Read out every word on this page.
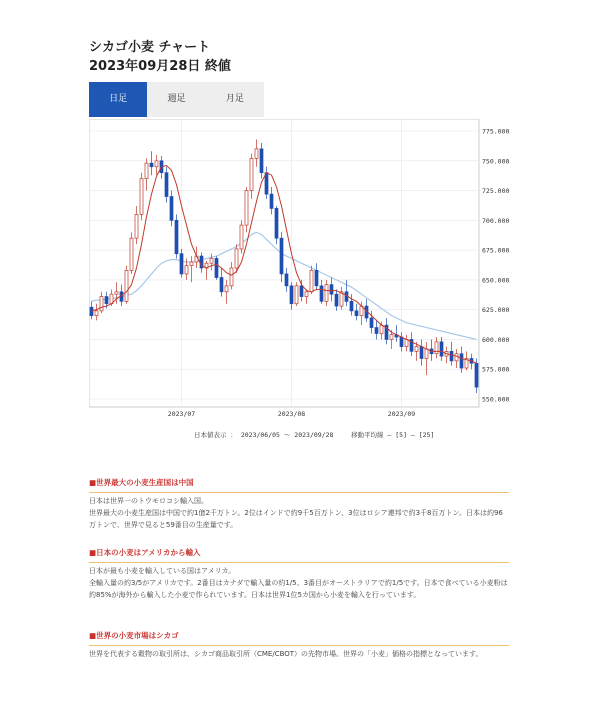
シカゴ小麦 チャート
2023年09月28日 終値
日足	週足	月足
775.000
750.000
725.000
700.000
675.000
650.000
625.000
600.000
575.000
550.000
2023/07	2023/08	2023/09
日本値表示 ： 2023/06/05 ～ 2023/09/28	移動平均線 ― [5] ― [25]
■世界最大の小麦生産国は中国
日本は世界一のトウモロコシ輸入国。
世界最大の小麦生産国は中国で約1億2千万トン。2位はインドで約9千5百万トン、3位はロシア連邦で約3千8百万トン。日本は約96万トンで、世界で見ると59番目の生産量です。
■日本の小麦はアメリカから輸入
日本が最も小麦を輸入している国はアメリカ。
全輸入量の約3/5がアメリカです。2番目はカナダで輸入量の約1/5、3番目がオーストラリアで約1/5です。日本で食べている小麦粉は約85%が海外から輸入した小麦で作られています。日本は世界1位5カ国から小麦を輸入を行っています。
■世界の小麦市場はシカゴ
世界を代表する穀物の取引所は、シカゴ商品取引所（CME/CBOT）の先物市場。世界の「小麦」価格の指標となっています。
